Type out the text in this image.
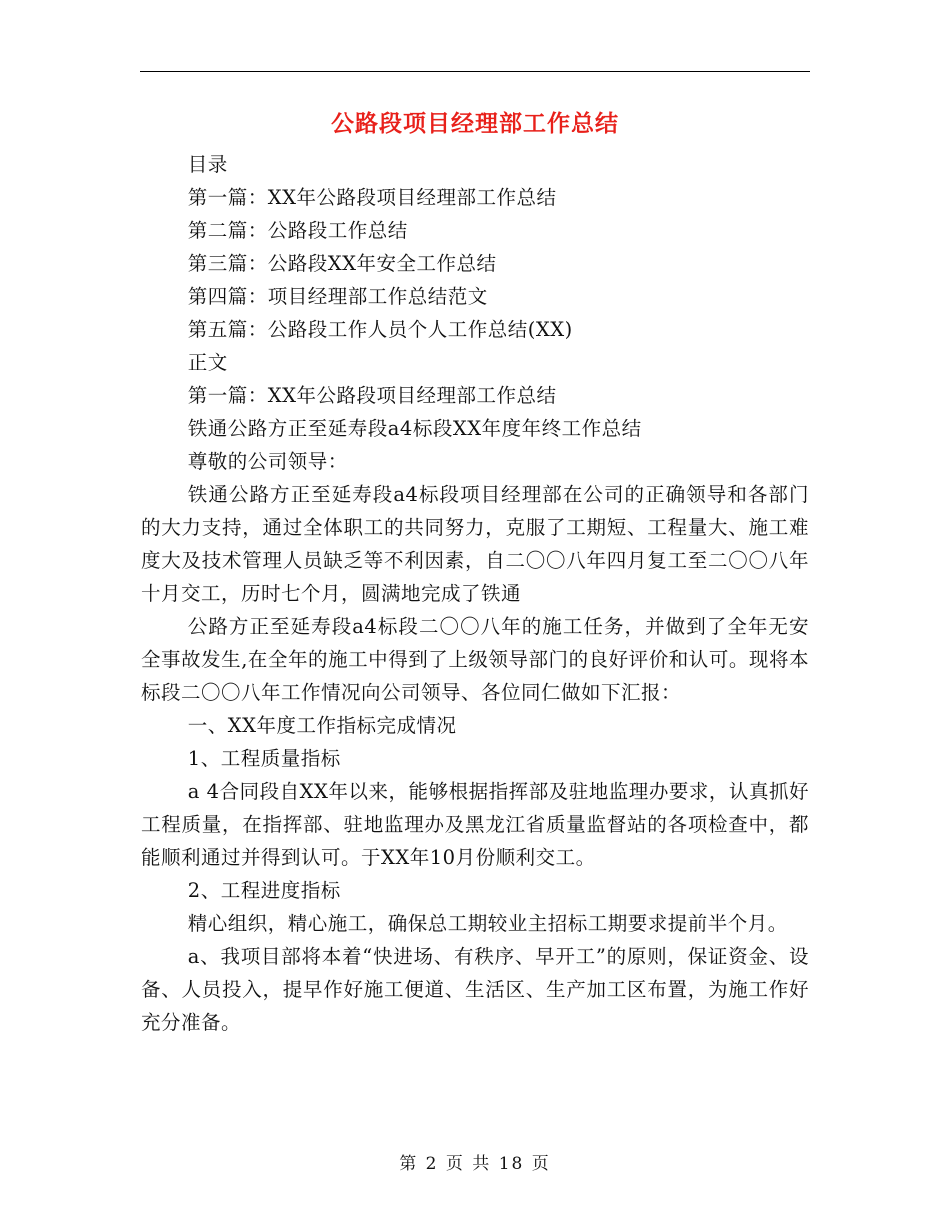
公路段项目经理部工作总结

目录

第一篇：XX年公路段项目经理部工作总结

第二篇：公路段工作总结

第三篇：公路段XX年安全工作总结

第四篇：项目经理部工作总结范文

第五篇：公路段工作人员个人工作总结(XX)

正文

第一篇：XX年公路段项目经理部工作总结

铁通公路方正至延寿段a4标段XX年度年终工作总结

尊敬的公司领导：

铁通公路方正至延寿段a4标段项目经理部在公司的正确领导和各部门的大力支持，通过全体职工的共同努力，克服了工期短、工程量大、施工难度大及技术管理人员缺乏等不利因素，自二〇〇八年四月复工至二〇〇八年十月交工，历时七个月，圆满地完成了铁通

公路方正至延寿段a4标段二〇〇八年的施工任务，并做到了全年无安全事故发生,在全年的施工中得到了上级领导部门的良好评价和认可。现将本标段二〇〇八年工作情况向公司领导、各位同仁做如下汇报：

一、XX年度工作指标完成情况

1、工程质量指标

a 4合同段自XX年以来，能够根据指挥部及驻地监理办要求，认真抓好工程质量，在指挥部、驻地监理办及黑龙江省质量监督站的各项检查中，都能顺利通过并得到认可。于XX年10月份顺利交工。

2、工程进度指标

精心组织，精心施工，确保总工期较业主招标工期要求提前半个月。

a、我项目部将本着“快进场、有秩序、早开工”的原则，保证资金、设备、人员投入，提早作好施工便道、生活区、生产加工区布置，为施工作好充分准备。

第 2 页 共 18 页
